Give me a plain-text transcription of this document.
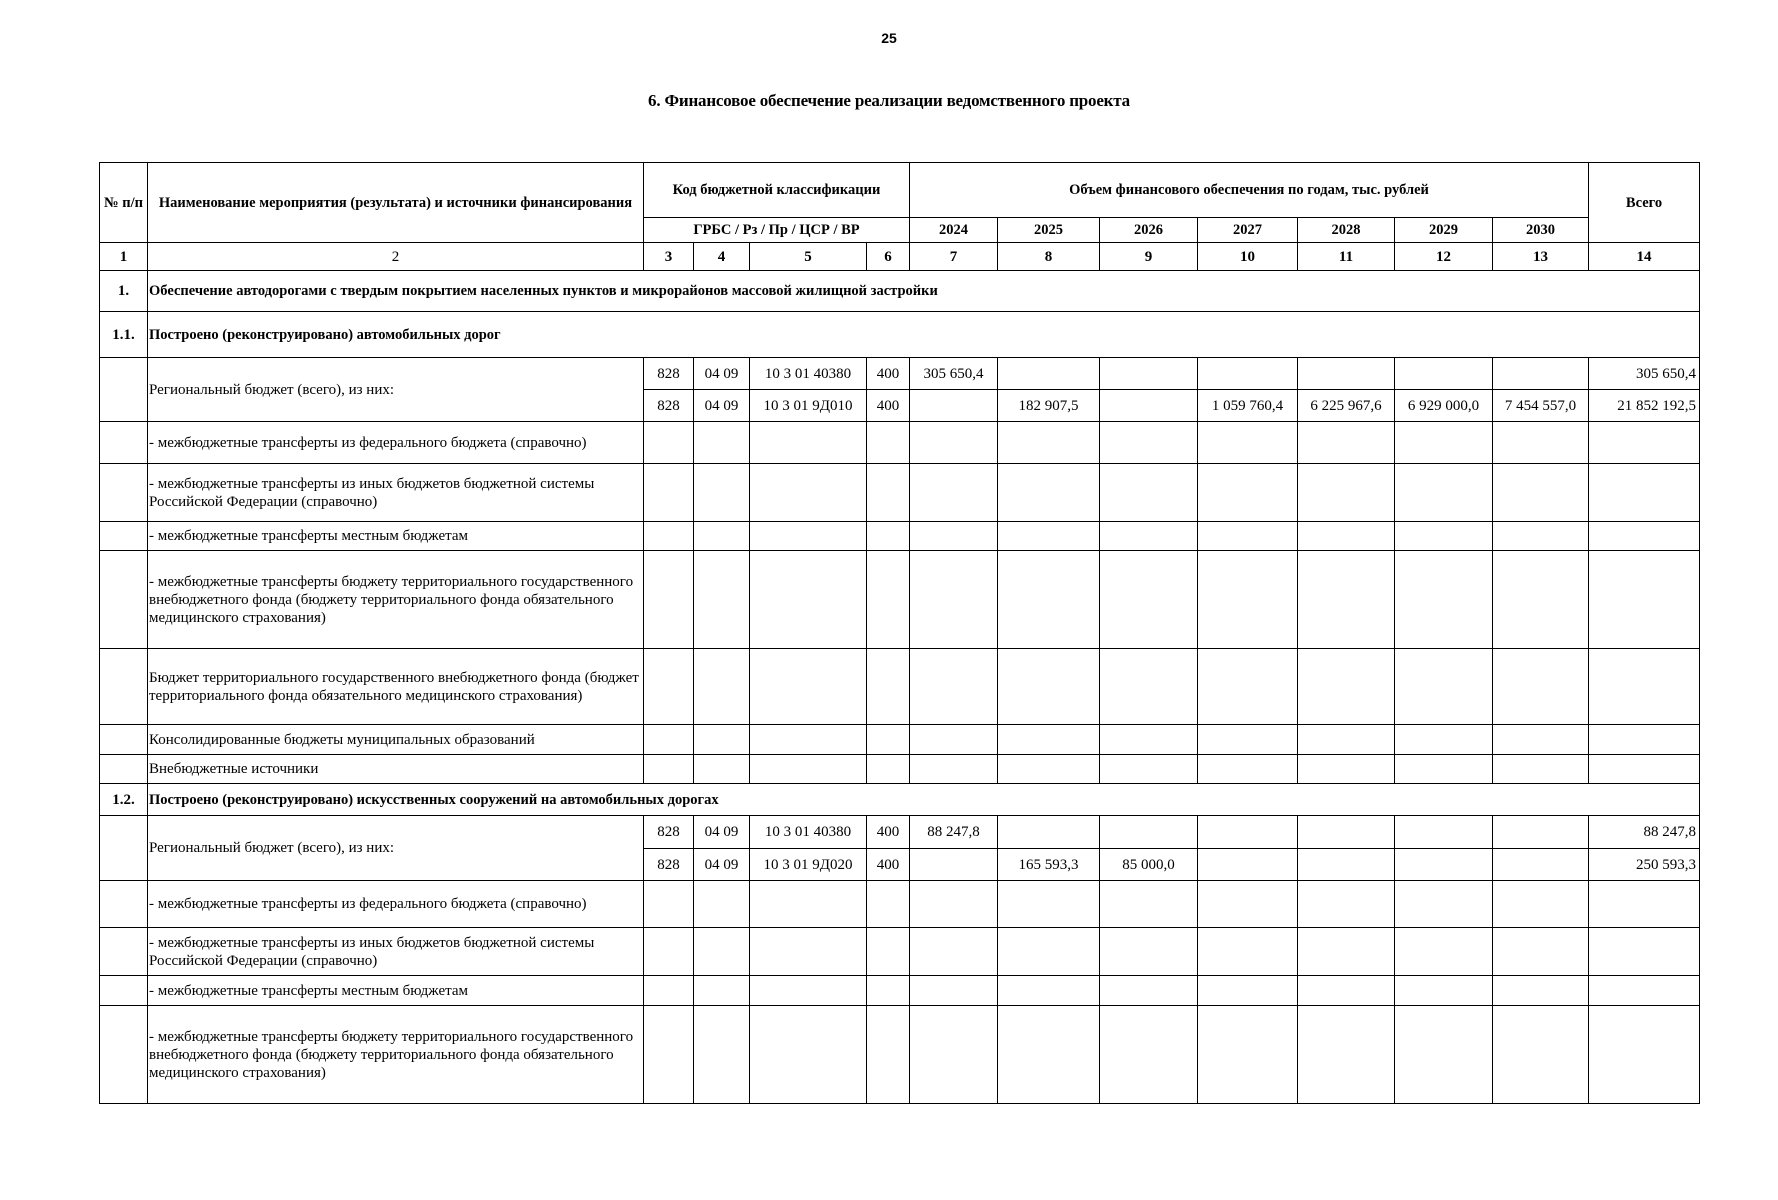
25
6. Финансовое обеспечение реализации ведомственного проекта
№ п/п	Наименование мероприятия (результата) и источники финансирования	Код бюджетной классификации				Объем финансового обеспечения по годам, тыс. рублей							Всего
		ГРБС / Рз / Пр / ЦСР / ВР				2024	2025	2026	2027	2028	2029	2030	
1	2	3	4	5	6	7	8	9	10	11	12	13	14
1.	Обеспечение автодорогами с твердым покрытием населенных пунктов и микрорайонов массовой жилищной застройки												
1.1.	Построено (реконструировано) автомобильных дорог												
	Региональный бюджет (всего), из них:	828	04 09	10 3 01 40380	400	305 650,4							305 650,4
		828	04 09	10 3 01 9Д010	400		182 907,5		1 059 760,4	6 225 967,6	6 929 000,0	7 454 557,0	21 852 192,5
	- межбюджетные трансферты из федерального бюджета (справочно)												
	- межбюджетные трансферты из иных бюджетов бюджетной системы Российской Федерации (справочно)												
	- межбюджетные трансферты местным бюджетам												
	- межбюджетные трансферты бюджету территориального государственного внебюджетного фонда (бюджету территориального фонда обязательного медицинского страхования)												
	Бюджет территориального государственного внебюджетного фонда (бюджет территориального фонда обязательного медицинского страхования)												
	Консолидированные бюджеты муниципальных образований												
	Внебюджетные источники												
1.2.	Построено (реконструировано) искусственных сооружений на автомобильных дорогах												
	Региональный бюджет (всего), из них:	828	04 09	10 3 01 40380	400	88 247,8							88 247,8
		828	04 09	10 3 01 9Д020	400		165 593,3	85 000,0					250 593,3
	- межбюджетные трансферты из федерального бюджета (справочно)												
	- межбюджетные трансферты из иных бюджетов бюджетной системы Российской Федерации (справочно)												
	- межбюджетные трансферты местным бюджетам												
	- межбюджетные трансферты бюджету территориального государственного внебюджетного фонда (бюджету территориального фонда обязательного медицинского страхования)												
